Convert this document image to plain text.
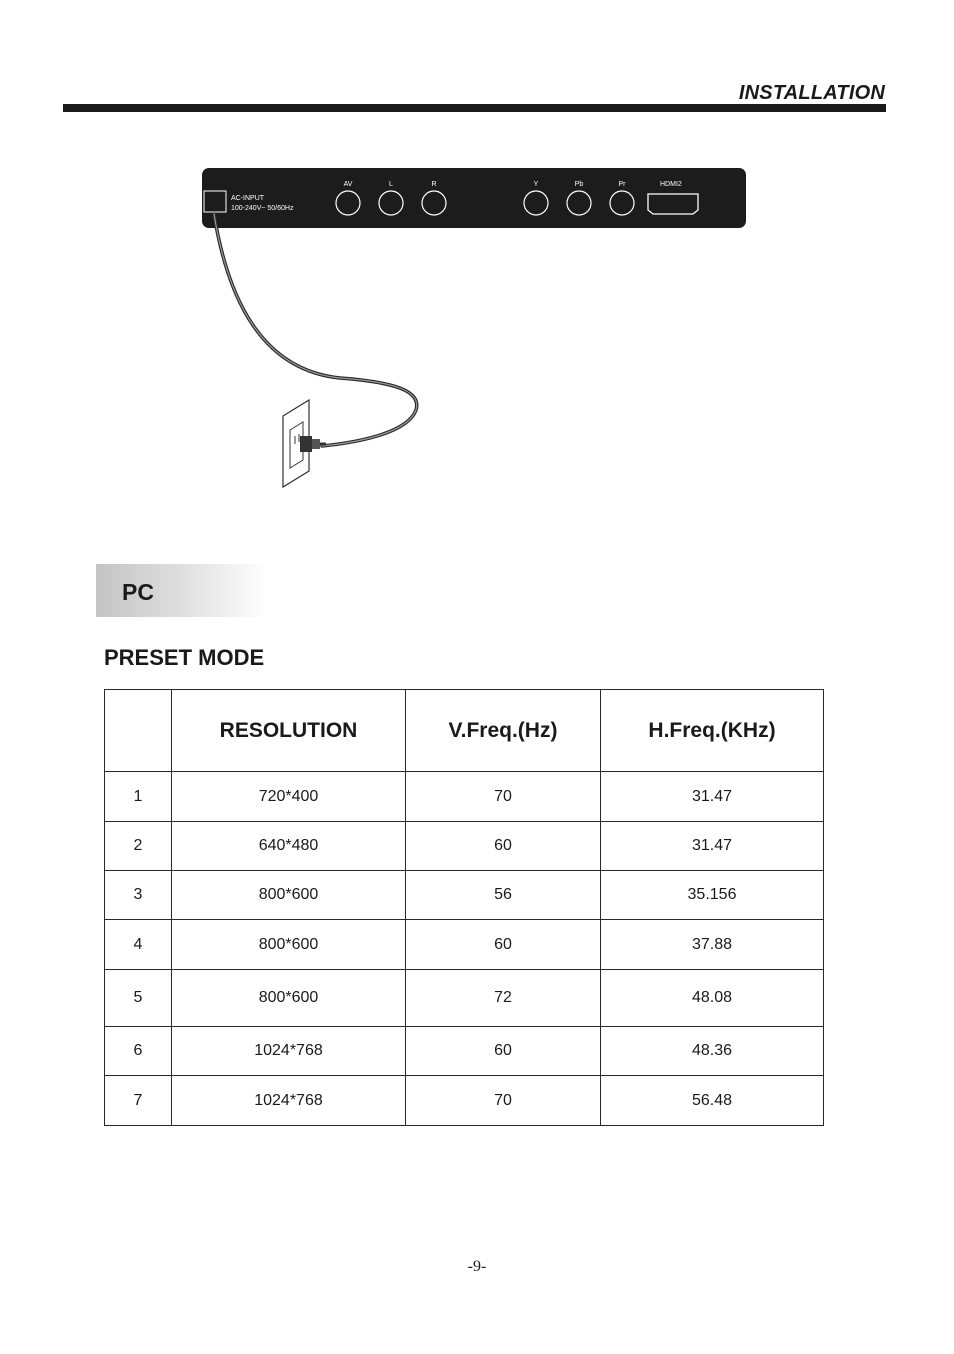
INSTALLATION
AC-INPUT
100-240V~ 50/60Hz
AV	L	R	Y	Pb	Pr	HDMI2
PC
PRESET MODE
	RESOLUTION	V.Freq.(Hz)	H.Freq.(KHz)
1	720*400	70	31.47
2	640*480	60	31.47
3	800*600	56	35.156
4	800*600	60	37.88
5	800*600	72	48.08
6	1024*768	60	48.36
7	1024*768	70	56.48
-9-
